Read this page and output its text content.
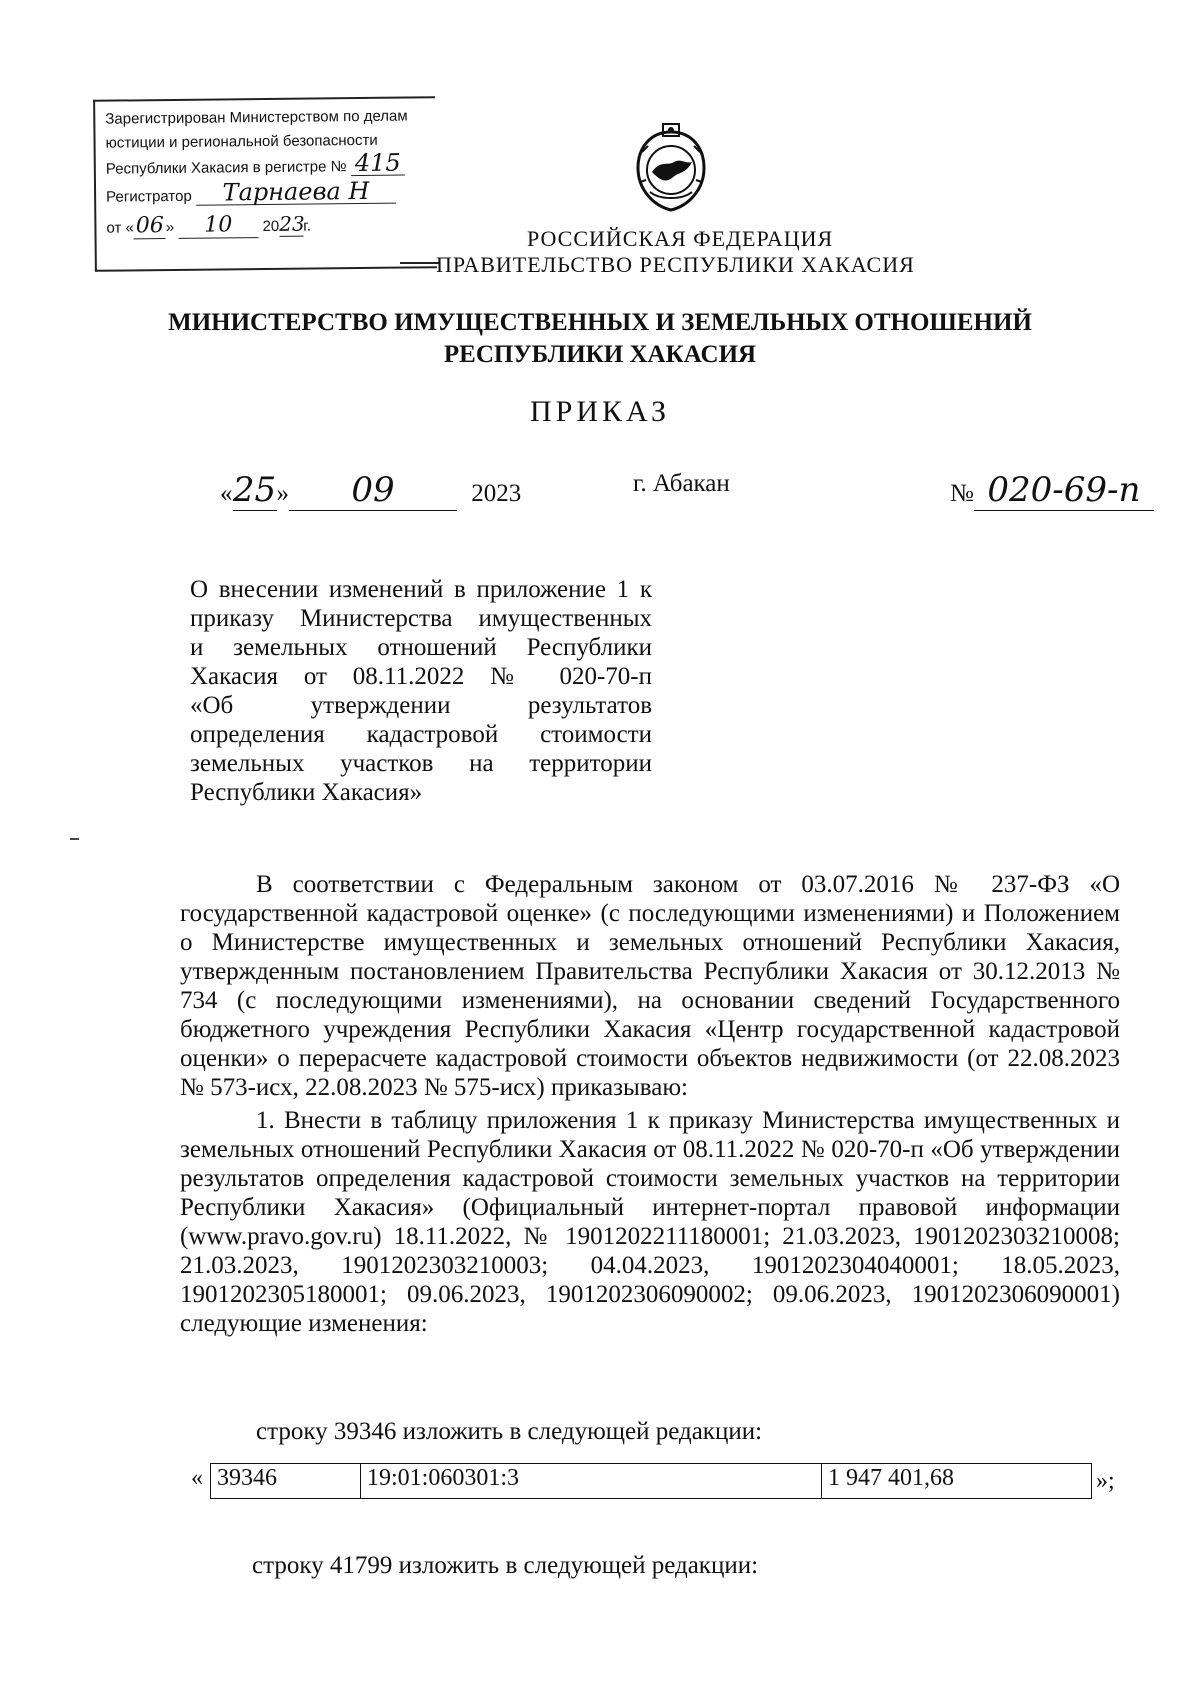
Зарегистрирован Министерством по делам
юстиции и региональной безопасности
Республики Хакасия в регистре № 415
Регистратор Тарнаева Н
от «06 » 10 2023г.	РОССИЙСКАЯ ФЕДЕРАЦИЯ
ПРАВИТЕЛЬСТВО РЕСПУБЛИКИ ХАКАСИЯ
МИНИСТЕРСТВО ИМУЩЕСТВЕННЫХ И ЗЕМЕЛЬНЫХ ОТНОШЕНИЙ
РЕСПУБЛИКИ ХАКАСИЯ
ПРИКАЗ
«25» 09	2023	г. Абакан	№ 020-69-п
О внесении изменений в приложение 1 к
приказу Министерства имущественных
и земельных отношений Республики
Хакасия от 08.11.2022 № 020-70-п
«Об утверждении результатов
определения кадастровой стоимости
земельных участков на территории
Республики Хакасия»

В соответствии с Федеральным законом от 03.07.2016 № 237-ФЗ «О государственной кадастровой оценке» (с последующими изменениями) и Положением о Министерстве имущественных и земельных отношений Республики Хакасия, утвержденным постановлением Правительства Республики Хакасия от 30.12.2013 № 734 (с последующими изменениями), на основании сведений Государственного бюджетного учреждения Республики Хакасия «Центр государственной кадастровой оценки» о перерасчете кадастровой стоимости объектов недвижимости (от 22.08.2023 № 573-исх, 22.08.2023 № 575-исх) приказываю:

1. Внести в таблицу приложения 1 к приказу Министерства имущественных и земельных отношений Республики Хакасия от 08.11.2022 № 020-70-п «Об утверждении результатов определения кадастровой стоимости земельных участков на территории Республики Хакасия» (Официальный интернет-портал правовой информации (www.pravo.gov.ru) 18.11.2022, № 1901202211180001; 21.03.2023, 1901202303210008; 21.03.2023, 1901202303210003; 04.04.2023, 1901202304040001; 18.05.2023, 1901202305180001; 09.06.2023, 1901202306090002; 09.06.2023, 1901202306090001) следующие изменения:

строку 39346 изложить в следующей редакции:
« 39346	19:01:060301:3	1 947 401,68	»;
строку 41799 изложить в следующей редакции:
